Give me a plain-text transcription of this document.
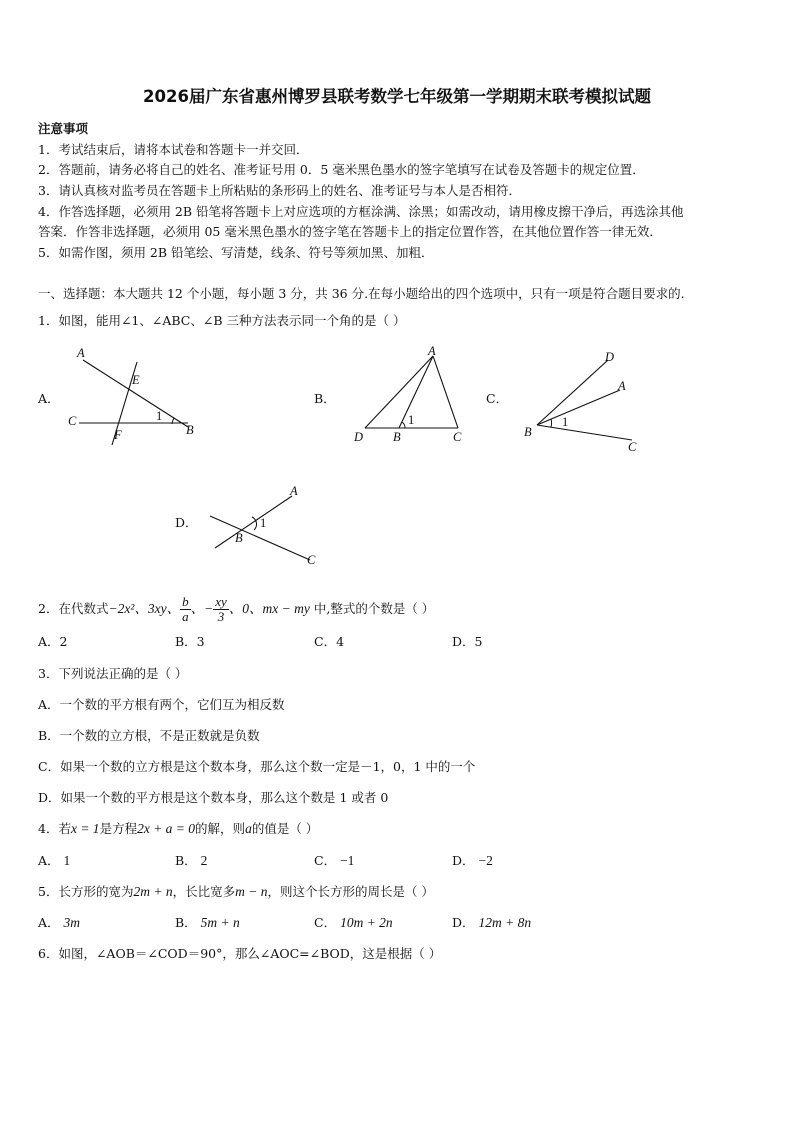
2026届广东省惠州博罗县联考数学七年级第一学期期末联考模拟试题
注意事项
1．考试结束后，请将本试卷和答题卡一并交回．
2．答题前，请务必将自己的姓名、准考证号用 0．5 毫米黑色墨水的签字笔填写在试卷及答题卡的规定位置．
3．请认真核对监考员在答题卡上所粘贴的条形码上的姓名、准考证号与本人是否相符．
4．作答选择题，必须用 2B 铅笔将答题卡上对应选项的方框涂满、涂黑；如需改动，请用橡皮擦干净后，再选涂其他
答案．作答非选择题，必须用 05 毫米黑色墨水的签字笔在答题卡上的指定位置作答，在其他位置作答一律无效．
5．如需作图，须用 2B 铅笔绘、写清楚，线条、符号等须加黑、加粗．
一、选择题：本大题共 12 个小题，每小题 3 分，共 36 分.在每小题给出的四个选项中，只有一项是符合题目要求的.
1．如图，能用∠1、∠ABC、∠B 三种方法表示同一个角的是（ ）
A．	B．	C．
D．
A
E
C
F	B
1
A
D B	C
1
D
A
B
C
1
A
B
C
1
2．在代数式−2x²、3xy、 $\frac{b}{a}$ 、− $\frac{xy}{3}$ 、0、mx − my 中,整式的个数是（ ）
A．2	B．3	C．4	D．5
3．下列说法正确的是（ ）
A．一个数的平方根有两个，它们互为相反数
B．一个数的立方根，不是正数就是负数
C．如果一个数的立方根是这个数本身，那么这个数一定是－1，0，1 中的一个
D．如果一个数的平方根是这个数本身，那么这个数是 1 或者 0
4．若x = 1是方程2x + a = 0的解，则a的值是（ ）
A． 1	B． 2	C． −1	D． −2
5．长方形的宽为2m + n，长比宽多m − n，则这个长方形的周长是（ ）
A． 3m	B． 5m + n	C． 10m + 2n	D． 12m + 8n
6．如图，∠AOB＝∠COD＝90°，那么∠AOC=∠BOD，这是根据（ ）
